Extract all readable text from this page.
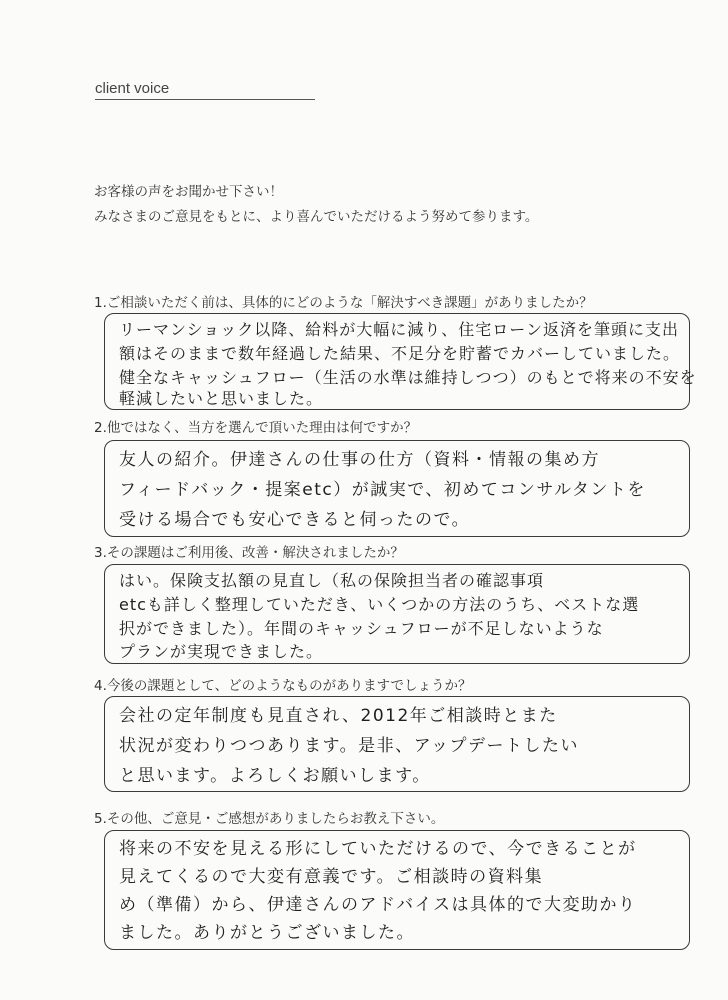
client voice
お客様の声をお聞かせ下さい！
みなさまのご意見をもとに、より喜んでいただけるよう努めて参ります。
1.ご相談いただく前は、具体的にどのような「解決すべき課題」がありましたか？
リーマンショック以降、給料が大幅に減り、住宅ローン返済を筆頭に支出
額はそのままで数年経過した結果、不足分を貯蓄でカバーしていました。
健全なキャッシュフロー（生活の水準は維持しつつ）のもとで将来の不安を
軽減したいと思いました。
2.他ではなく、当方を選んで頂いた理由は何ですか？
友人の紹介。伊達さんの仕事の仕方（資料・情報の集め方
フィードバック・提案etc）が誠実で、初めてコンサルタントを
受ける場合でも安心できると伺ったので。
3.その課題はご利用後、改善・解決されましたか？
はい。保険支払額の見直し（私の保険担当者の確認事項
etcも詳しく整理していただき、いくつかの方法のうち、ベストな選
択ができました）。年間のキャッシュフローが不足しないような
プランが実現できました。
4.今後の課題として、どのようなものがありますでしょうか？
会社の定年制度も見直され、2012年ご相談時とまた
状況が変わりつつあります。是非、アップデートしたい
と思います。よろしくお願いします。
5.その他、ご意見・ご感想がありましたらお教え下さい。
将来の不安を見える形にしていただけるので、今できることが
見えてくるので大変有意義です。ご相談時の資料集
め（準備）から、伊達さんのアドバイスは具体的で大変助かり
ました。ありがとうございました。
